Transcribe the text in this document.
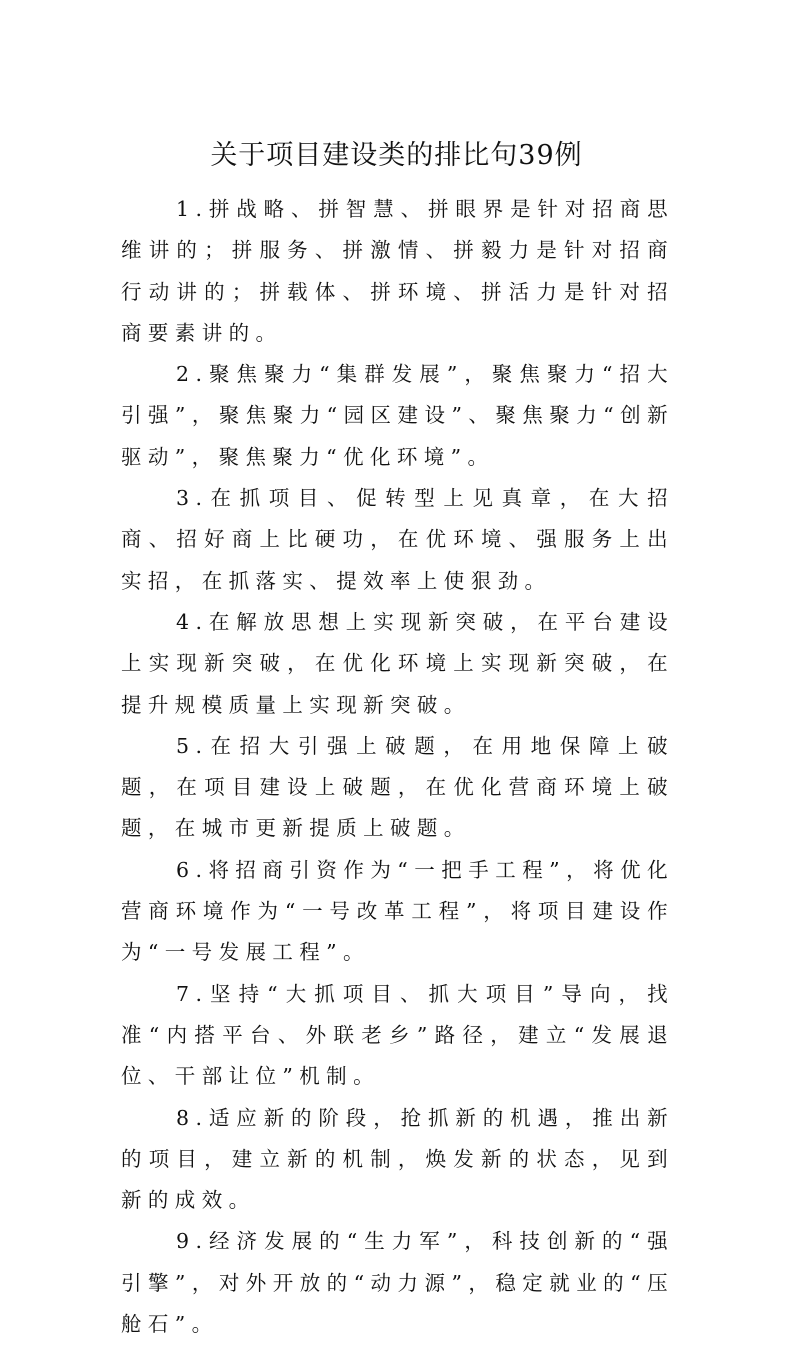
关于项目建设类的排比句39例

1.拼战略、拼智慧、拼眼界是针对招商思维讲的；拼服务、拼激情、拼毅力是针对招商行动讲的；拼载体、拼环境、拼活力是针对招商要素讲的。

2.聚焦聚力“集群发展”，聚焦聚力“招大引强”，聚焦聚力“园区建设”、聚焦聚力“创新驱动”，聚焦聚力“优化环境”。

3.在抓项目、促转型上见真章，在大招商、招好商上比硬功，在优环境、强服务上出实招，在抓落实、提效率上使狠劲。

4.在解放思想上实现新突破，在平台建设上实现新突破，在优化环境上实现新突破，在提升规模质量上实现新突破。

5.在招大引强上破题，在用地保障上破题，在项目建设上破题，在优化营商环境上破题，在城市更新提质上破题。

6.将招商引资作为“一把手工程”，将优化营商环境作为“一号改革工程”，将项目建设作为“一号发展工程”。

7.坚持“大抓项目、抓大项目”导向，找准“内搭平台、外联老乡”路径，建立“发展退位、干部让位”机制。

8.适应新的阶段，抢抓新的机遇，推出新的项目，建立新的机制，焕发新的状态，见到新的成效。

9.经济发展的“生力军”，科技创新的“强引擎”，对外开放的“动力源”，稳定就业的“压舱石”。
